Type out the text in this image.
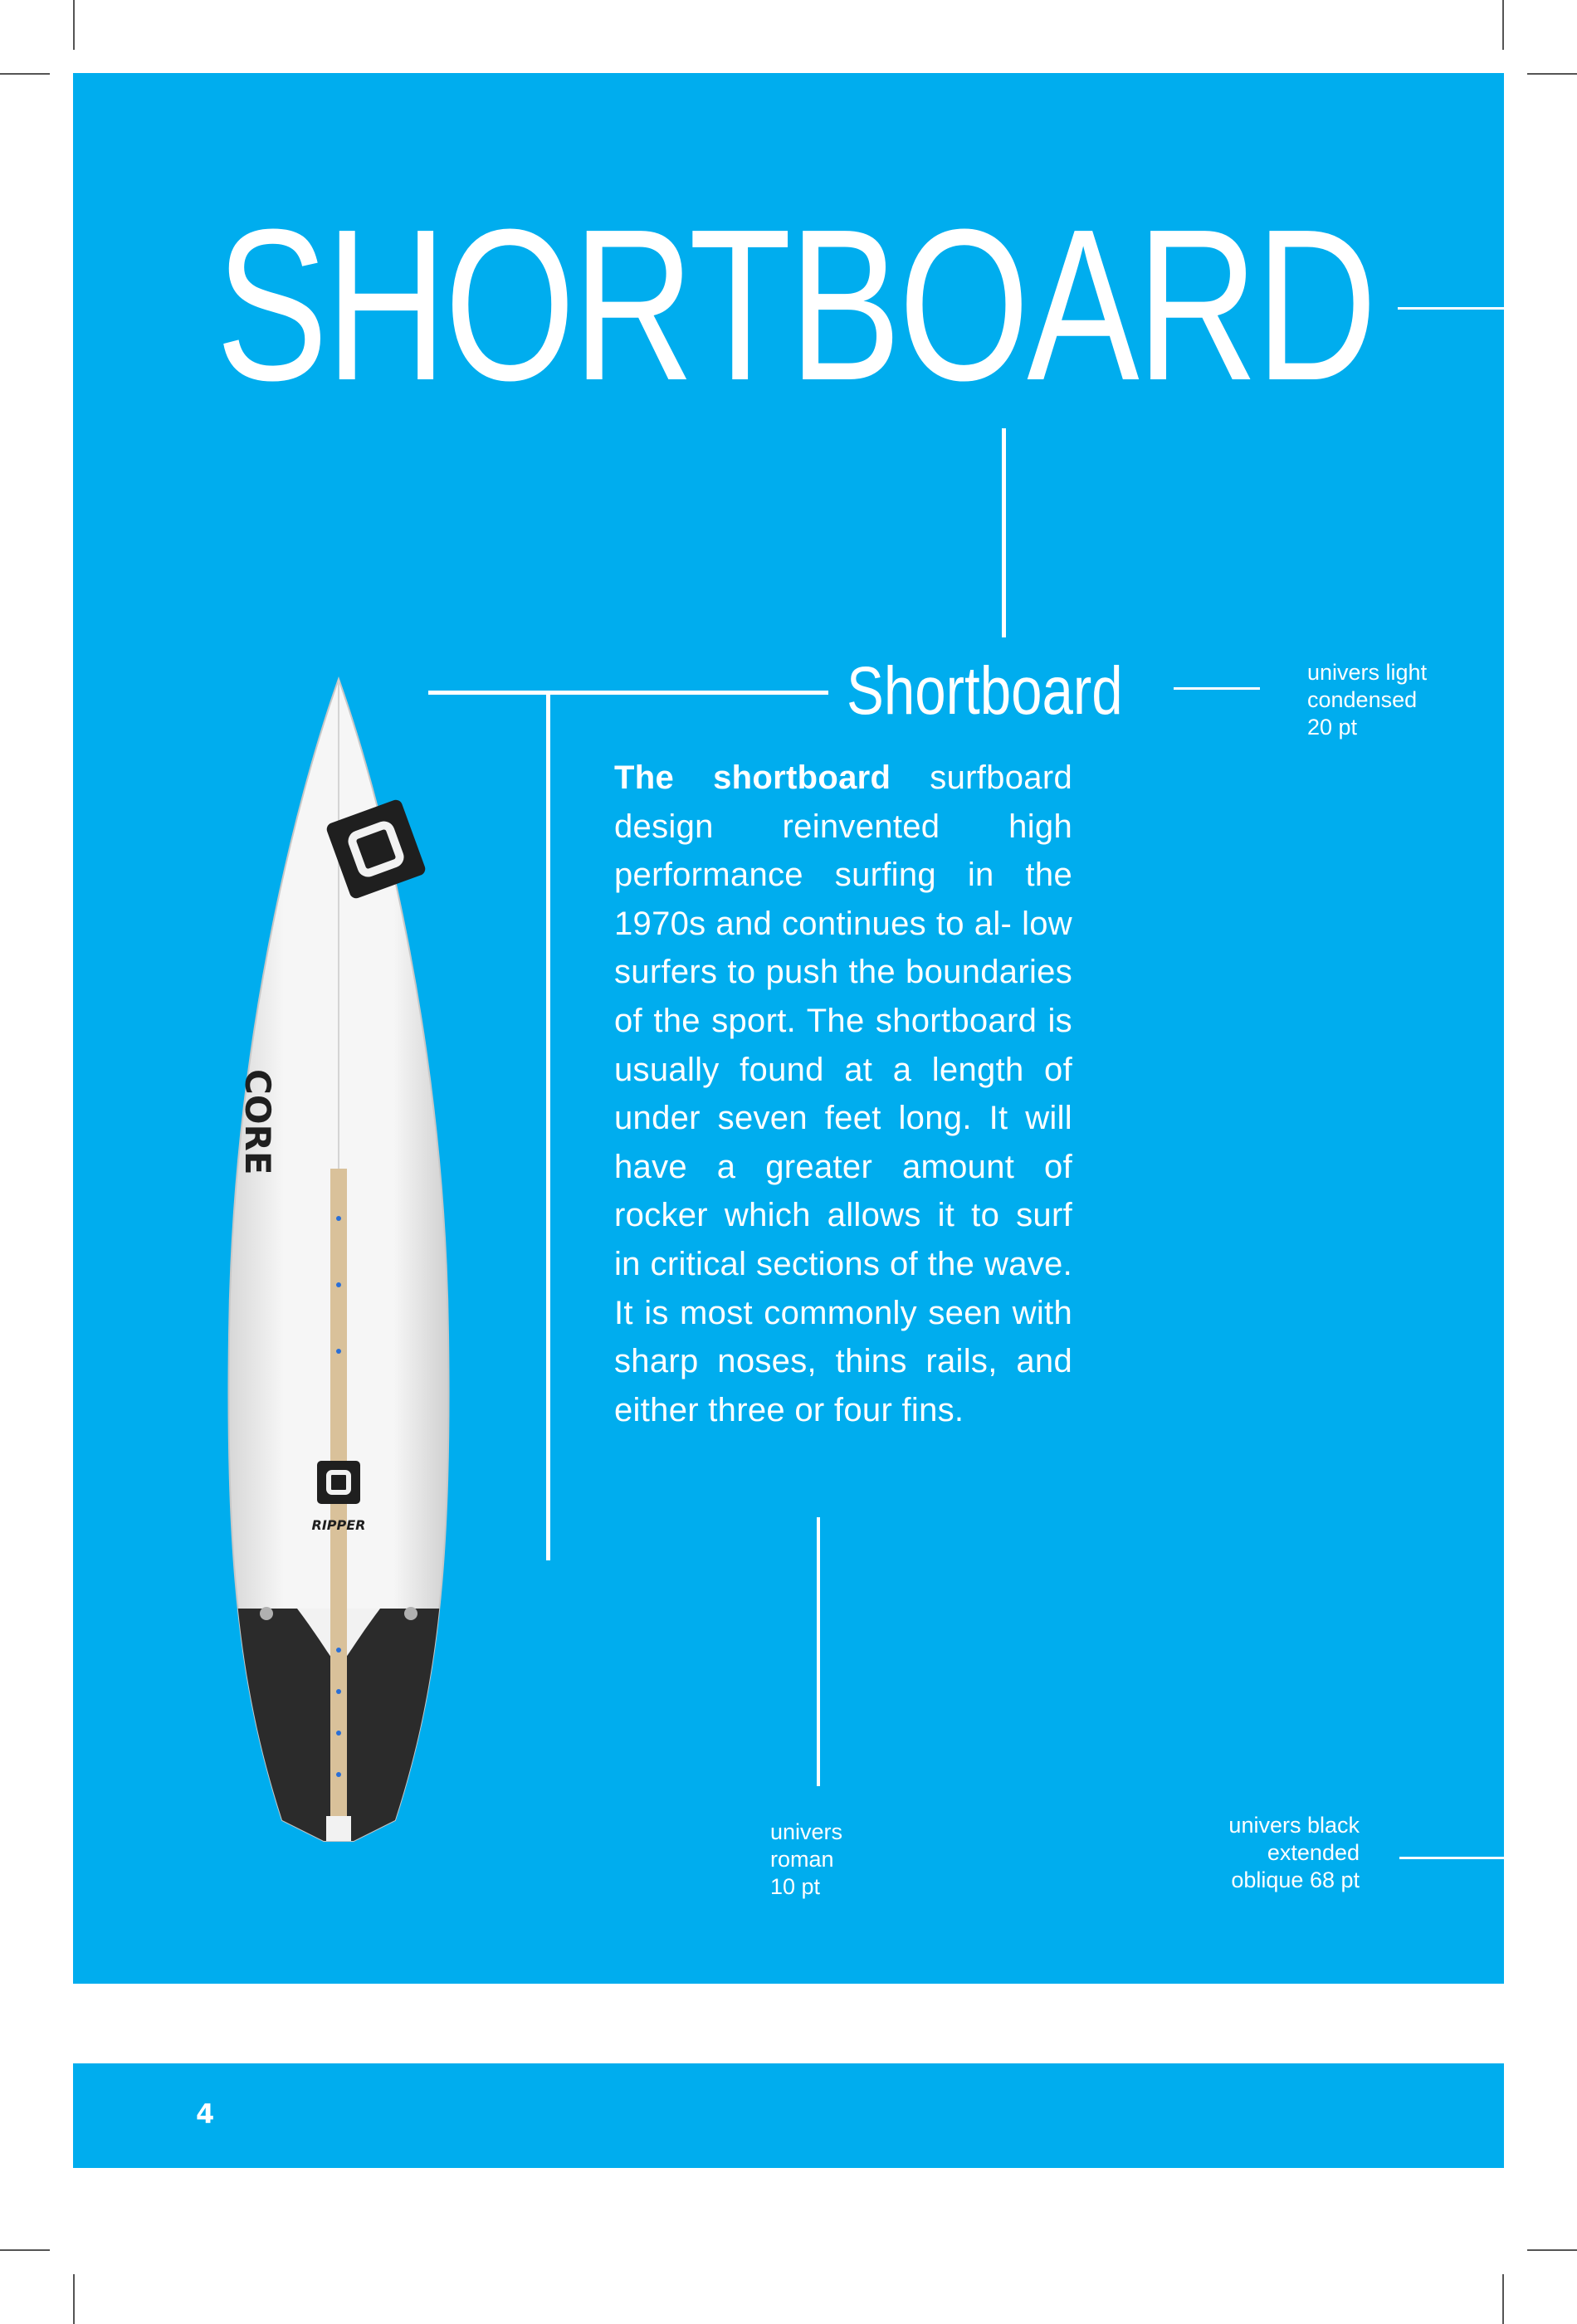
SHORTBOARD
Shortboard	univers light
condensed
20 pt
The shortboard surfboard design reinvented high performance surfing in the 1970s and continues to al- low surfers to push the boundaries of the sport. The shortboard is usually found at a length of under seven feet long. It will have a greater amount of rocker which allows it to surf in critical sections of the wave. It is most commonly seen with sharp noses, thins rails, and either three or four fins.
univers
roman
10 pt
univers black
extended
oblique 68 pt
CORE
RIPPER
4
